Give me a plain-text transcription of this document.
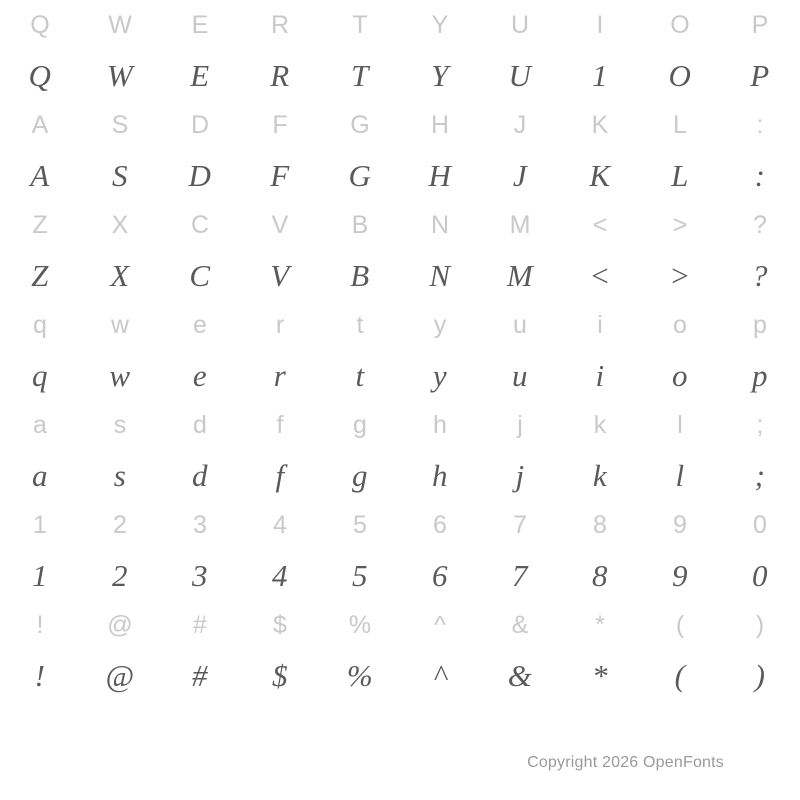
Q	W	E	R	T	Y	U	I	O	P
Q	W	E	R	T	Y	U	1	O	P
A	S	D	F	G	H	J	K	L	:
A	S	D	F	G	H	J	K	L	:
Z	X	C	V	B	N	M	<	>	?
Z	X	C	V	B	N	M	<	>	?
q	w	e	r	t	y	u	i	o	p
q	w	e	r	t	y	u	i	o	p
a	s	d	f	g	h	j	k	l	;
a	s	d	f	g	h	j	k	l	;
1	2	3	4	5	6	7	8	9	0
1	2	3	4	5	6	7	8	9	0
!	@	#	$	%	^	&	*	(	)
!	@	#	$	%	^	&	*	(	)
Copyright 2026 OpenFonts
